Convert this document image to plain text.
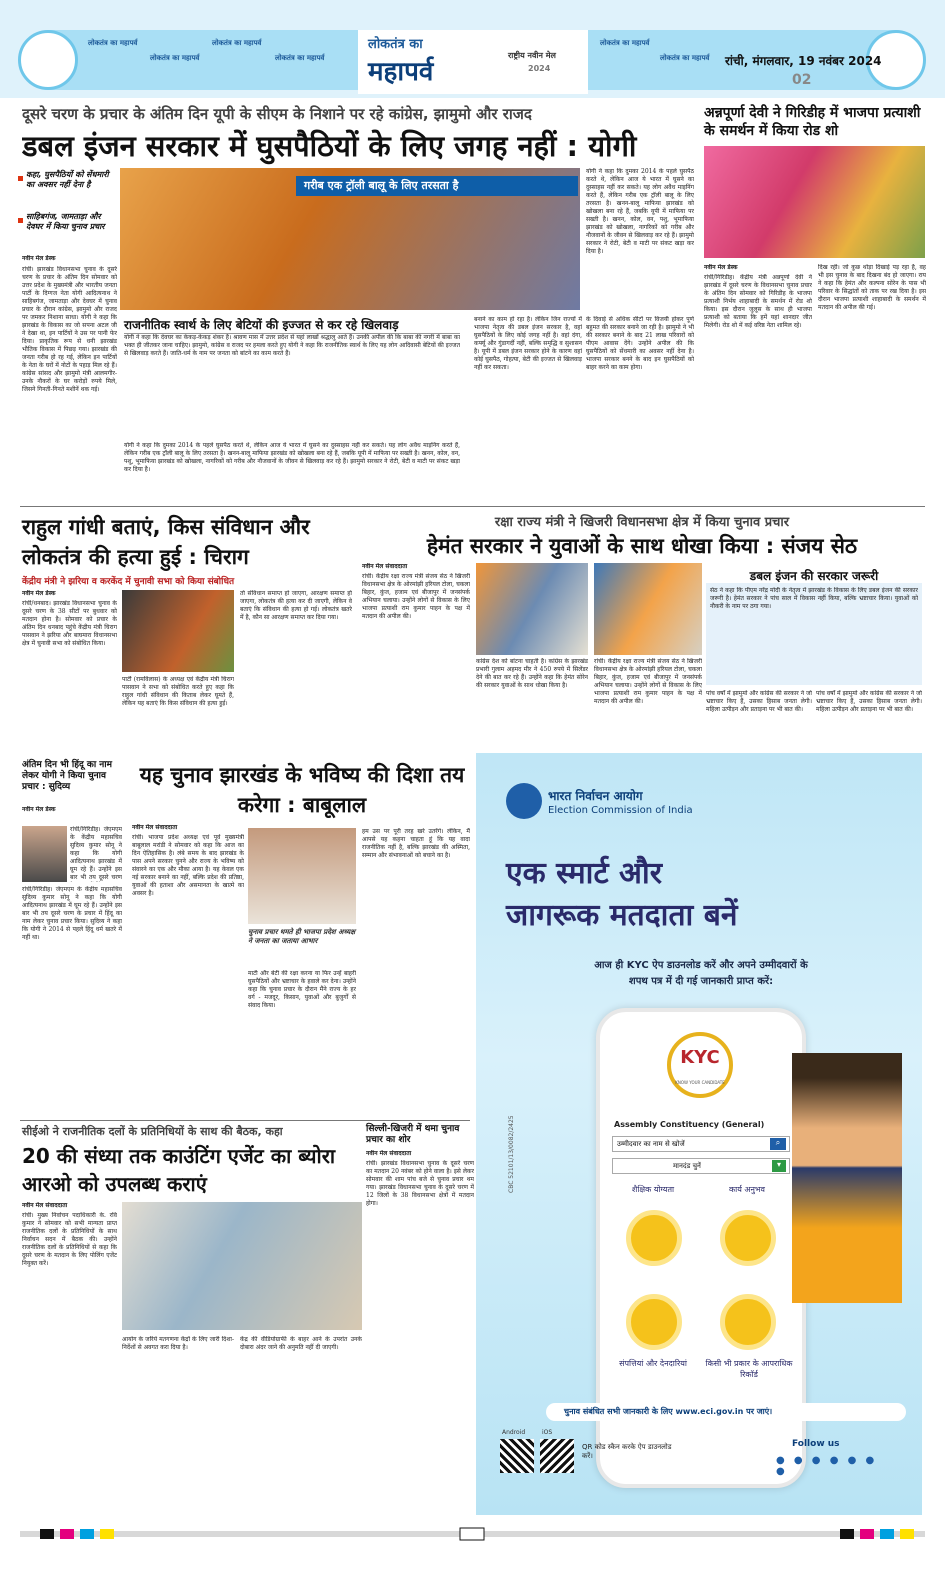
लोकतंत्र का महापर्व
लोकतंत्र का महापर्व
लोकतंत्र का महापर्व
लोकतंत्र का महापर्व
लोकतंत्र का महापर्व
लोकतंत्र का महापर्व
लोकतंत्र का
महापर्व
राष्ट्रीय नवीन मेल
2024
रांची, मंगलवार, 19 नवंबर 2024
02
दूसरे चरण के प्रचार के अंतिम दिन यूपी के सीएम के निशाने पर रहे कांग्रेस, झामुमो और राजद
डबल इंजन सरकार में घुसपैठियों के लिए जगह नहीं : योगी
कहा, घुसपैठियों को सेंधमारी का अवसर नहीं देना है
साहिबगंज, जामताड़ा और देवघर में किया चुनाव प्रचार
नवीन मेल डेस्क
रांची। झारखंड विधानसभा चुनाव के दूसरे चरण के प्रचार के अंतिम दिन सोमवार को उत्तर प्रदेश के मुख्यमंत्री और भारतीय जनता पार्टी के दिग्गज नेता योगी आदित्यनाथ ने साहिबगंज, जामताड़ा और देवघर में चुनाव प्रचार के दौरान कांग्रेस, झामुमो और राजद पर जमकर निशाना साधा। योगी ने कहा कि झारखंड के विकास का जो सपना अटल जी ने देखा था, इन पार्टियों ने उस पर पानी फेर दिया। प्राकृतिक रूप से धनी झारखंड भौतिक विकास में पिछड़ गया। झारखंड की जनता गरीब हो रह गई, लेकिन इन पार्टियों के नेता के घरों में नोटों के पहाड़ मिल रहे हैं। कांग्रेस सांसद और झामुमो मंत्री आलमगीर- उनके नौकरों के घर करोड़ों रुपये मिले, जिसने गिनती-गिनते मशीनें थक गई।
गरीब एक ट्रॉली बालू के लिए तरसता है
योगी ने कहा कि दुमका 2014 के पहले घुसपैठ करते थे, लेकिन आज ये भारत में घुसने का दुस्साहस नहीं कर सकते। यह लोग अवैध माइनिंग करते हैं, लेकिन गरीब एक ट्रॉली बालू के लिए तरसता है। खनन-बालू माफिया झारखंड को खोखला बना रहे हैं, जबकि यूपी में माफिया पर सख्ती है। खनन, कोल, वन, पशु, भूमाफिया झारखंड को खोखला, नागरिकों को गरीब और नौजवानों के जीवन से खिलवाड़ कर रहे हैं। झामुमो सरकार ने रोटी, बेटी व माटी पर संकट खड़ा कर दिया है।
राजनीतिक स्वार्थ के लिए बेटियों की इज्जत से कर रहे खिलवाड़
योगी ने कहा कि देवघर का केकड़-केकड़ शंकर है। श्रावण मास में उत्तर प्रदेश से यहां लाखों श्रद्धालु आते हैं। उनकी अपील की कि बाबा की नगरी में बाबा का भक्त ही जीतकर जाना चाहिए। झामुमो, कांग्रेस व राजद पर हमला करते हुए योगी ने कहा कि राजनीतिक स्वार्थ के लिए यह लोग आदिवासी बेटियों की इज्जत से खिलवाड़ करते हैं। जाति-धर्म के नाम पर जनता को बांटने का काम करते हैं।
बनाने का काम हो रहा है। लेकिन जिन राज्यों में भाजपा नेतृत्व की डबल इंजन सरकार है, वहां घुसपैठियों के लिए कोई जगह नहीं है। वहां दंगा, कर्फ्यू और गुंडागर्दी नहीं, बल्कि समृद्धि व सुशासन है। यूपी में डबल इंजन सरकार होने के कारण वहां कोई घुसपैठ, गोहत्या, बेटी की इज्जत से खिलवाड़ नहीं कर सकता।
के दिवाई से अधिक सीटों पर विजयी होकर पूर्ण बहुमत की सरकार बनाने जा रही है। झामुमो ने भी की सरकार बनाने के बाद 21 लाख परिवारों को पीएम आवास देंगे। उन्होंने अपील की कि घुसपैठियों को सेंधमारी का अवसर नहीं देना है। भाजपा सरकार बनने के बाद इन घुसपैठियों को बाहर करने का काम होगा।
योगी ने कहा कि दुमका 2014 के पहले घुसपैठ करते थे, लेकिन आज ये भारत में घुसने का दुस्साहस नहीं कर सकते। यह लोग अवैध माइनिंग करते हैं, लेकिन गरीब एक ट्रॉली बालू के लिए तरसता है। खनन-बालू माफिया झारखंड को खोखला बना रहे हैं, जबकि यूपी में माफिया पर सख्ती है। खनन, कोल, वन, पशु, भूमाफिया झारखंड को खोखला, नागरिकों को गरीब और नौजवानों के जीवन से खिलवाड़ कर रहे हैं। झामुमो सरकार ने रोटी, बेटी व माटी पर संकट खड़ा कर दिया है।
अन्नपूर्णा देवी ने गिरिडीह में भाजपा प्रत्याशी के समर्थन में किया रोड शो
नवीन मेल डेस्क
रांची/गिरिडीह। केंद्रीय मंत्री अन्नपूर्णा देवी ने झारखंड में दूसरे चरण के विधानसभा चुनाव प्रचार के अंतिम दिन सोमवार को गिरिडीह के भाजपा प्रत्याशी निर्भय शाहाबादी के समर्थन में रोड शो किया। इस दौरान जुलूस के साथ ही भाजपा प्रत्याशी को बताया कि हमें यहां शानदार जीत मिलेगी। रोड शो में कई वरिष्ठ नेता शामिल रहे।
दिख रही। जो कुछ थोड़ा दिखाई पड़ रहा है, वह भी इस चुनाव के बाद दिखना बंद हो जाएगा। राय ने कहा कि हेमंत और कल्पना सोरेन के पास भी परिवार के सिद्धांतों को ताक पर रख दिया है। इस दौरान भाजपा प्रत्याशी शाहाबादी के समर्थन में मतदान की अपील की गई।
राहुल गांधी बताएं, किस संविधान और लोकतंत्र की हत्या हुई : चिराग
केंद्रीय मंत्री ने झरिया व करकेंद में चुनावी सभा को किया संबोधित
नवीन मेल डेस्क
रांची/धनबाद। झारखंड विधानसभा चुनाव के दूसरे चरण के 38 सीटों पर बुधवार को मतदान होना है। सोमवार को प्रचार के अंतिम दिन धनबाद पहुंचे केंद्रीय मंत्री चिराग पासवान ने झरिया और बाघमारा विधानसभा क्षेत्र में चुनावी सभा को संबोधित किया।
पार्टी (रामविलास) के अध्यक्ष एवं केंद्रीय मंत्री चिराग पासवान ने सभा को संबोधित करते हुए कहा कि राहुल गांधी संविधान की किताब लेकर घूमते हैं, लेकिन यह बताएं कि किस संविधान की हत्या हुई।
तो संविधान समाप्त हो जाएगा, आरक्षण समाप्त हो जाएगा, लोकतंत्र की हत्या कर दी जाएगी, लेकिन वे बताएं कि संविधान की हत्या हो गई। लोकतंत्र खतरे में है, कौन सा आरक्षण समाप्त कर दिया गया।
अंतिम दिन भी हिंदू का नाम लेकर योगी ने किया चुनाव प्रचार : सुदिव्य
नवीन मेल डेस्क
रांची/गिरिडीह। जेएमएम के केंद्रीय महासचिव सुदिव्य कुमार सोनू ने कहा कि योगी आदित्यनाथ झारखंड में घूम रहे हैं। उन्होंने इस बार भी तय दूसरे चरण
रांची/गिरिडीह। जेएमएम के केंद्रीय महासचिव सुदिव्य कुमार सोनू ने कहा कि योगी आदित्यनाथ झारखंड में घूम रहे हैं। उन्होंने इस बार भी तय दूसरे चरण के प्रचार में हिंदू का नाम लेकर चुनाव प्रचार किया। सुदिव्य ने कहा कि योगी ने 2014 से पहले हिंदू धर्म खतरे में नहीं था।
यह चुनाव झारखंड के भविष्य की दिशा तय करेगा : बाबूलाल
नवीन मेल संवाददाता
रांची। भाजपा प्रदेश अध्यक्ष एवं पूर्व मुख्यमंत्री बाबूलाल मरांडी ने सोमवार को कहा कि आज का दिन ऐतिहासिक है। लंबे समय के बाद झारखंड के पास अपने सरकार चुनने और राज्य के भविष्य को संवारने का एक और मौका आया है। यह केवल एक नई सरकार बनाने का नहीं, बल्कि प्रदेश की प्रतिष्ठा, युवाओं की हताशा और असमानता के खात्मे का अवसर है।
चुनाव प्रचार थमते ही भाजपा प्रदेश अध्यक्ष ने जनता का जताया आभार
माटी और बेटी की रक्षा करना या फिर उन्हें बाहरी घुसपैठियों और भ्रष्टाचार के हवाले कर देना। उन्होंने कहा कि चुनाव प्रचार के दौरान मैंने राज्य के हर वर्ग - मजदूर, किसान, युवाओं और बुजुर्गों से संवाद किया।
हम उस पर पूरी तरह खरे उतरेंगे। लेकिन, मैं आपसे यह कहना चाहता हूं कि यह वादा राजनीतिक नहीं है, बल्कि झारखंड की अस्मिता, सम्मान और संभावनाओं को बचाने का है।
रक्षा राज्य मंत्री ने खिजरी विधानसभा क्षेत्र में किया चुनाव प्रचार
हेमंत सरकार ने युवाओं के साथ धोखा किया : संजय सेठ
नवीन मेल संवाददाता
रांची। केंद्रीय रक्षा राज्य मंत्री संजय सेठ ने खिजरी विधानसभा क्षेत्र के ओरमांझी हरियल टोला, चकला बिहार, कुंज, हजाम एवं बीजापुर में जनसंपर्क अभियान चलाया। उन्होंने लोगों से विकास के लिए भाजपा प्रत्याशी राम कुमार पाहन के पक्ष में मतदान की अपील की।
कांग्रेस देश को बांटना चाहती है। कांग्रेस के झारखंड प्रभारी गुलाम अहमद मीर ने 450 रुपये में सिलेंडर देने की बात कर रहे हैं। उन्होंने कहा कि हेमंत सोरेन की सरकार युवाओं के साथ धोखा किया है।
रांची। केंद्रीय रक्षा राज्य मंत्री संजय सेठ ने खिजरी विधानसभा क्षेत्र के ओरमांझी हरियल टोला, चकला बिहार, कुंज, हजाम एवं बीजापुर में जनसंपर्क अभियान चलाया। उन्होंने लोगों से विकास के लिए भाजपा प्रत्याशी राम कुमार पाहन के पक्ष में मतदान की अपील की।
डबल इंजन की सरकार जरूरी
सेठ ने कहा कि पीएम नरेंद्र मोदी के नेतृत्व में झारखंड के विकास के लिए डबल इंजन की सरकार जरूरी है। हेमंत सरकार ने पांच साल में विकास नहीं किया, बल्कि भ्रष्टाचार किया। युवाओं को नौकरी के नाम पर ठगा गया।
पांच वर्षों में झामुमो और कांग्रेस की सरकार ने जो भ्रष्टाचार किए हैं, उसका हिसाब जनता लेगी। महिला उत्पीड़न और प्रताड़ना पर भी बात की।
पांच वर्षों में झामुमो और कांग्रेस की सरकार ने जो भ्रष्टाचार किए हैं, उसका हिसाब जनता लेगी। महिला उत्पीड़न और प्रताड़ना पर भी बात की।
सीईओ ने राजनीतिक दलों के प्रतिनिधियों के साथ की बैठक, कहा
20 की संध्या तक काउंटिंग एजेंट का ब्योरा आरओ को उपलब्ध कराएं
नवीन मेल संवाददाता
रांची। मुख्य निर्वाचन पदाधिकारी के. रवि कुमार ने सोमवार को सभी मान्यता प्राप्त राजनीतिक दलों के प्रतिनिधियों के साथ निर्वाचन सदन में बैठक की। उन्होंने राजनीतिक दलों के प्रतिनिधियों से कहा कि दूसरे चरण के मतदान के लिए पोलिंग एजेंट नियुक्त करें।
आयोग के जरिये मतगणना केंद्रों के लिए जारी दिशा-निर्देशों से अवगत करा दिया है।
केंद्र की वीडियोग्राफी के बाहर आने के उपरांत उनके दोबारा अंदर जाने की अनुमति नहीं दी जाएगी।
सिल्ली-खिजरी में थमा चुनाव प्रचार का शोर
नवीन मेल संवाददाता
रांची। झारखंड विधानसभा चुनाव के दूसरे चरण का मतदान 20 नवंबर को होने वाला है। इसे लेकर सोमवार की शाम पांच बजे से चुनाव प्रचार थम गया। झारखंड विधानसभा चुनाव के दूसरे चरण में 12 जिलों के 38 विधानसभा क्षेत्रों में मतदान होगा।
भारत निर्वाचन आयोग
Election Commission of India
एक स्मार्ट और
जागरूक मतदाता बनें
आज ही KYC ऐप डाउनलोड करें और अपने उम्मीदवारों के
शपथ पत्र में दी गई जानकारी प्राप्त करें:
KYC
KNOW YOUR CANDIDATE
Assembly Constituency (General)
उम्मीदवार का नाम से खोजें	⌕
मानदंड चुनें	▾
शैक्षिक योग्यता	कार्य अनुभव
संपत्तियां और देनदारियां	किसी भी प्रकार के आपराधिक रिकॉर्ड
चुनाव संबंधित सभी जानकारी के लिए www.eci.gov.in पर जाएं।
Android	iOS
QR कोड स्कैन करके ऐप डाउनलोड करें।
Follow us
● ● ● ● ● ● ●
CBC 52101/13/0082/2425
